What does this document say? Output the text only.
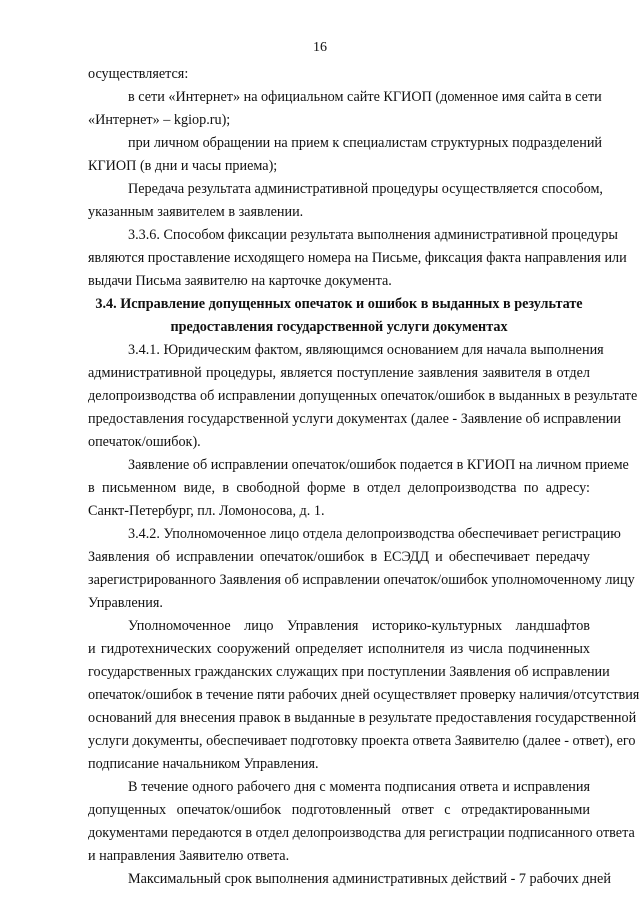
16
осуществляется:
в сети «Интернет» на официальном сайте КГИОП (доменное имя сайта в сети
«Интернет» – kgiop.ru);
при личном обращении на прием к специалистам структурных подразделений
КГИОП (в дни и часы приема);
Передача результата административной процедуры осуществляется способом,
указанным заявителем в заявлении.
3.3.6. Способом фиксации результата выполнения административной процедуры
являются проставление исходящего номера на Письме, фиксация факта направления или
выдачи Письма заявителю на карточке документа.
3.4. Исправление допущенных опечаток и ошибок в выданных в результате
предоставления государственной услуги документах
3.4.1. Юридическим фактом, являющимся основанием для начала выполнения
административной процедуры, является поступление заявления заявителя в отдел
делопроизводства об исправлении допущенных опечаток/ошибок в выданных в результате
предоставления государственной услуги документах (далее - Заявление об исправлении
опечаток/ошибок).
Заявление об исправлении опечаток/ошибок подается в КГИОП на личном приеме
в письменном виде, в свободной форме в отдел делопроизводства по адресу:
Санкт-Петербург, пл. Ломоносова, д. 1.
3.4.2. Уполномоченное лицо отдела делопроизводства обеспечивает регистрацию
Заявления об исправлении опечаток/ошибок в ЕСЭДД и обеспечивает передачу
зарегистрированного Заявления об исправлении опечаток/ошибок уполномоченному лицу
Управления.
Уполномоченное лицо Управления историко-культурных ландшафтов
и гидротехнических сооружений определяет исполнителя из числа подчиненных
государственных гражданских служащих при поступлении Заявления об исправлении
опечаток/ошибок в течение пяти рабочих дней осуществляет проверку наличия/отсутствия
оснований для внесения правок в выданные в результате предоставления государственной
услуги документы, обеспечивает подготовку проекта ответа Заявителю (далее - ответ), его
подписание начальником Управления.
В течение одного рабочего дня с момента подписания ответа и исправления
допущенных опечаток/ошибок подготовленный ответ с отредактированными
документами передаются в отдел делопроизводства для регистрации подписанного ответа
и направления Заявителю ответа.
Максимальный срок выполнения административных действий - 7 рабочих дней
